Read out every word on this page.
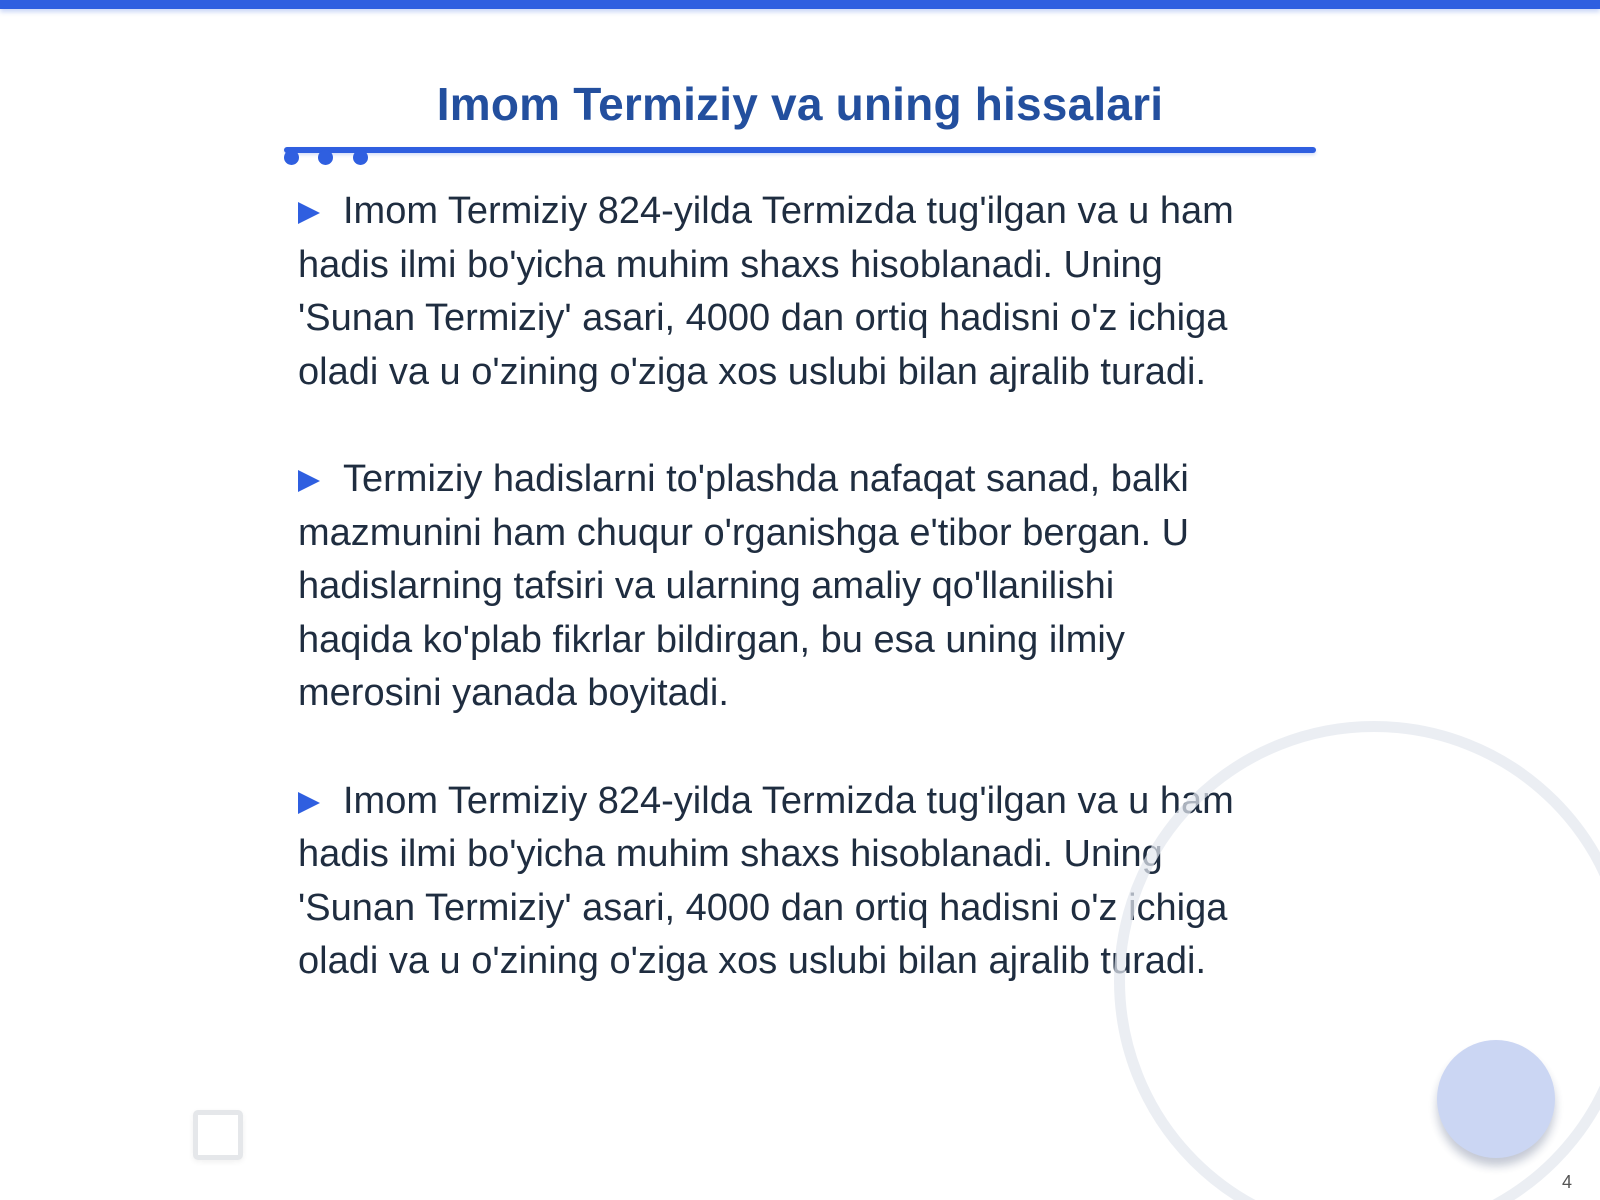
Imom Termiziy va uning hissalari

Imom Termiziy 824-yilda Termizda tug'ilgan va u ham
hadis ilmi bo'yicha muhim shaxs hisoblanadi. Uning
'Sunan Termiziy' asari, 4000 dan ortiq hadisni o'z ichiga
oladi va u o'zining o'ziga xos uslubi bilan ajralib turadi.

Termiziy hadislarni to'plashda nafaqat sanad, balki
mazmunini ham chuqur o'rganishga e'tibor bergan. U
hadislarning tafsiri va ularning amaliy qo'llanilishi
haqida ko'plab fikrlar bildirgan, bu esa uning ilmiy
merosini yanada boyitadi.

Imom Termiziy 824-yilda Termizda tug'ilgan va u ham
hadis ilmi bo'yicha muhim shaxs hisoblanadi. Uning
'Sunan Termiziy' asari, 4000 dan ortiq hadisni o'z ichiga
oladi va u o'zining o'ziga xos uslubi bilan ajralib turadi.

4
